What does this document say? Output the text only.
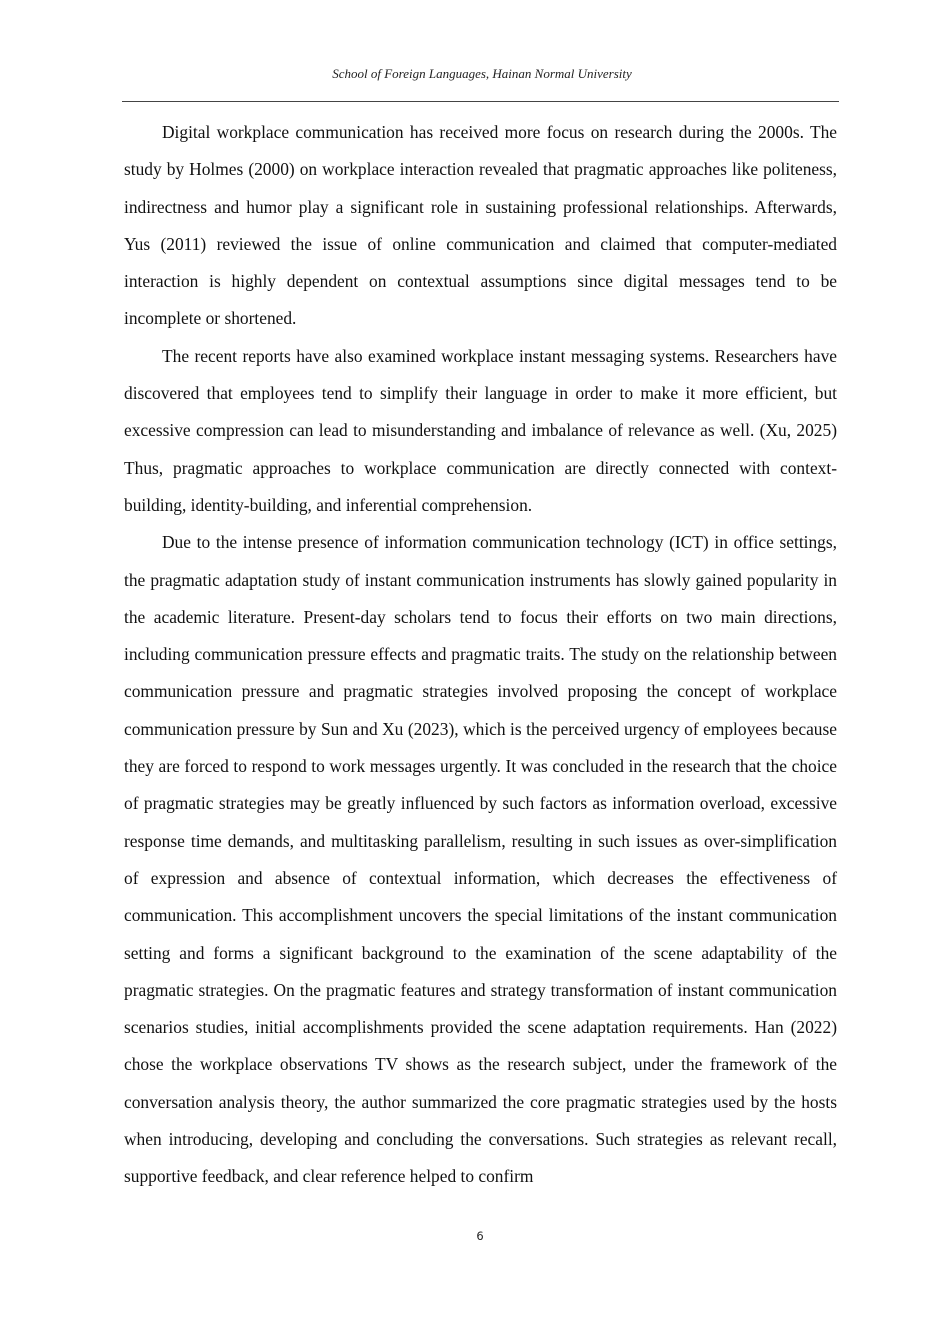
School of Foreign Languages, Hainan Normal University

Digital workplace communication has received more focus on research during the 2000s. The study by Holmes (2000) on workplace interaction revealed that pragmatic approaches like politeness, indirectness and humor play a significant role in sustaining professional relationships. Afterwards, Yus (2011) reviewed the issue of online communication and claimed that computer-mediated interaction is highly dependent on contextual assumptions since digital messages tend to be incomplete or shortened.

The recent reports have also examined workplace instant messaging systems. Researchers have discovered that employees tend to simplify their language in order to make it more efficient, but excessive compression can lead to misunderstanding and imbalance of relevance as well. (Xu, 2025) Thus, pragmatic approaches to workplace communication are directly connected with context-building, identity-building, and inferential comprehension.

Due to the intense presence of information communication technology (ICT) in office settings, the pragmatic adaptation study of instant communication instruments has slowly gained popularity in the academic literature. Present-day scholars tend to focus their efforts on two main directions, including communication pressure effects and pragmatic traits. The study on the relationship between communication pressure and pragmatic strategies involved proposing the concept of workplace communication pressure by Sun and Xu (2023), which is the perceived urgency of employees because they are forced to respond to work messages urgently. It was concluded in the research that the choice of pragmatic strategies may be greatly influenced by such factors as information overload, excessive response time demands, and multitasking parallelism, resulting in such issues as over-simplification of expression and absence of contextual information, which decreases the effectiveness of communication. This accomplishment uncovers the special limitations of the instant communication setting and forms a significant background to the examination of the scene adaptability of the pragmatic strategies. On the pragmatic features and strategy transformation of instant communication scenarios studies, initial accomplishments provided the scene adaptation requirements. Han (2022) chose the workplace observations TV shows as the research subject, under the framework of the conversation analysis theory, the author summarized the core pragmatic strategies used by the hosts when introducing, developing and concluding the conversations. Such strategies as relevant recall, supportive feedback, and clear reference helped to confirm

6
